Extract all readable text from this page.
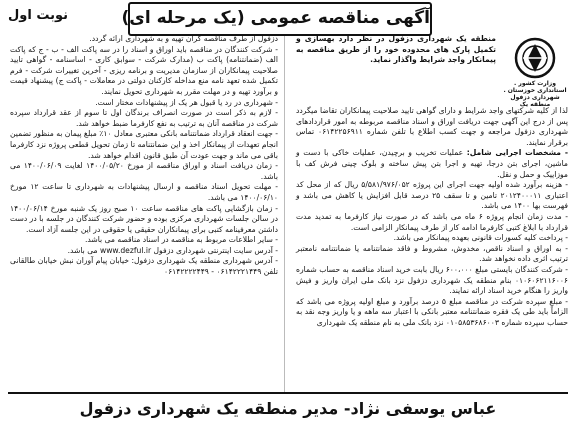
آگهی مناقصه عمومی (یک مرحله ای)
نوبت اول
وزارت کشور . استانداری خوزستان . شهرداری دزفول
منطقه یک

منطقه یک شهرداری دزفول در نظر دارد بهسازی و تکمیل پارک های محدوده خود را از طریق مناقصه به پیمانکار واجد شرایط واگذار نماید.

لذا از کلیه شرکتهای واجد شرایط و دارای گواهی تایید صلاحیت پیمانکاران تقاضا میگردد پس از درج این آگهی جهت دریافت اوراق و اسناد مناقصه مربوطه به امور قراردادهای شهرداری دزفول مراجعه و جهت کسب اطلاع با تلفن شماره ۰۶۱۴۲۲۵۶۹۱۱ تماس برقرار نمایند.

- مشخصات اجرایی شامل: عملیات تخریب و برچیدن، عملیات خاکی با دست و ماشین، اجرای بتن درجا، تهیه و اجرا بتن پیش ساخته و بلوک چینی فرش کف با موزاییک و حمل و نقل.

- هزینه برآورد شده اولیه جهت اجرای این پروژه ۵/۵۸۱/۹۷۶/۰۵۲ ریال که از محل کد اعتباری ۲۰۱۲۴۰۰۰۱۱ تامین و تا سقف ۲۵ درصد قابل افزایش یا کاهش می باشد و فهرست بها ۱۴۰۰ می باشد.

- مدت زمان انجام پروژه ۶ ماه می باشد که در صورت نیاز کارفرما به تمدید مدت قرارداد با ابلاغ کتبی کارفرما ادامه کار از طرف پیمانکار الزامی است.

- پرداخت کلیه کسورات قانونی بعهده پیمانکار می باشد.

- به اوراق و اسناد ناقص، مخدوش، مشروط و فاقد ضمانتنامه یا ضمانتنامه نامعتبر ترتیب اثری داده نخواهد شد.

- شرکت کنندگان بایستی مبلغ ۶۰۰،۰۰۰ ریال بابت خرید اسناد مناقصه به حساب شماره ۰۱۰۶۰۶۲۱۱۶۰۰۶ بنام منطقه یک شهرداری دزفول نزد بانک ملی ایران واریز و فیش واریز را هنگام خرید اسناد ارائه نمایند.

- مبلغ سپرده شرکت در مناقصه مبلغ ۵ درصد برآورد و مبلغ اولیه پروژه می باشد که الزاماً باید طی یک فقره ضمانتنامه معتبر بانکی با اعتبار سه ماهه و یا واریز وجه نقد به حساب سپرده شماره ۰۱۰۵۸۵۳۶۸۶۰۰۳ نزد بانک ملی به نام منطقه یک شهرداری

دزفول از طرف مناقصه گران تهیه و به شهرداری ارائه گردد.

- شرکت کنندگان در مناقصه باید اوراق و اسناد را در سه پاکت الف - ب - ج که پاکت الف (ضمانتنامه) پاکت ب (مدارک شرکت - سوابق کاری - اساسنامه - گواهی تایید صلاحیت پیمانکاران از سازمان مدیریت و برنامه ریزی - آخرین تغییرات شرکت - فرم تکمیل شده تعهد نامه منع مداخله کارکنان دولتی در معاملات - پاکت ج) پیشنهاد قیمت و برآورد تهیه و در مهلت مقرر به شهرداری تحویل نمایند.

- شهرداری در رد یا قبول هر یک از پیشنهادات مختار است.

- لازم به ذکر است در صورت انصراف برندگان اول تا سوم از عقد قرارداد سپرده شرکت در مناقصه آنان به ترتیب به نفع کارفرما ضبط خواهد شد.

- جهت انعقاد قرارداد ضمانتنامه بانکی معتبری معادل ۱۰٪ مبلغ پیمان به منظور تضمین انجام تعهدات از پیمانکار اخذ و این ضمانتنامه تا زمان تحویل قطعی پروژه نزد کارفرما باقی می ماند و جهت عودت آن طبق قانون اقدام خواهد شد.

- زمان دریافت اسناد و اوراق مناقصه از مورخ ۱۴۰۰/۰۵/۲۰ لغایت ۱۴۰۰/۰۶/۰۹ می باشد.

- مهلت تحویل اسناد مناقصه و ارسال پیشنهادات به شهرداری تا ساعت ۱۲ مورخ ۱۴۰۰/۰۶/۱۰ می باشد.

- زمان بازگشایی پاکت های مناقصه ساعت ۱۰ صبح روز یک شنبه مورخ ۱۴۰۰/۰۶/۱۴ در سالن جلسات شهرداری مرکزی بوده و حضور شرکت کنندگان در جلسه با در دست داشتن معرفینامه کتبی برای پیمانکاران حقیقی یا حقوقی در این جلسه آزاد است.

- سایر اطلاعات مربوط به مناقصه در اسناد مناقصه می باشد.

- آدرس سایت اینترنتی شهرداری دزفول www.dezful.ir می باشد.

- آدرس شهرداری منطقه یک شهرداری دزفول: خیابان پیام آوران نبش خیابان طالقانی تلفن ۰۶۱۴۲۲۲۱۴۴۹ - ۰۶۱۴۲۲۲۲۴۴۹

عباس یوسفی نژاد- مدیر منطقه یک شهرداری دزفول
